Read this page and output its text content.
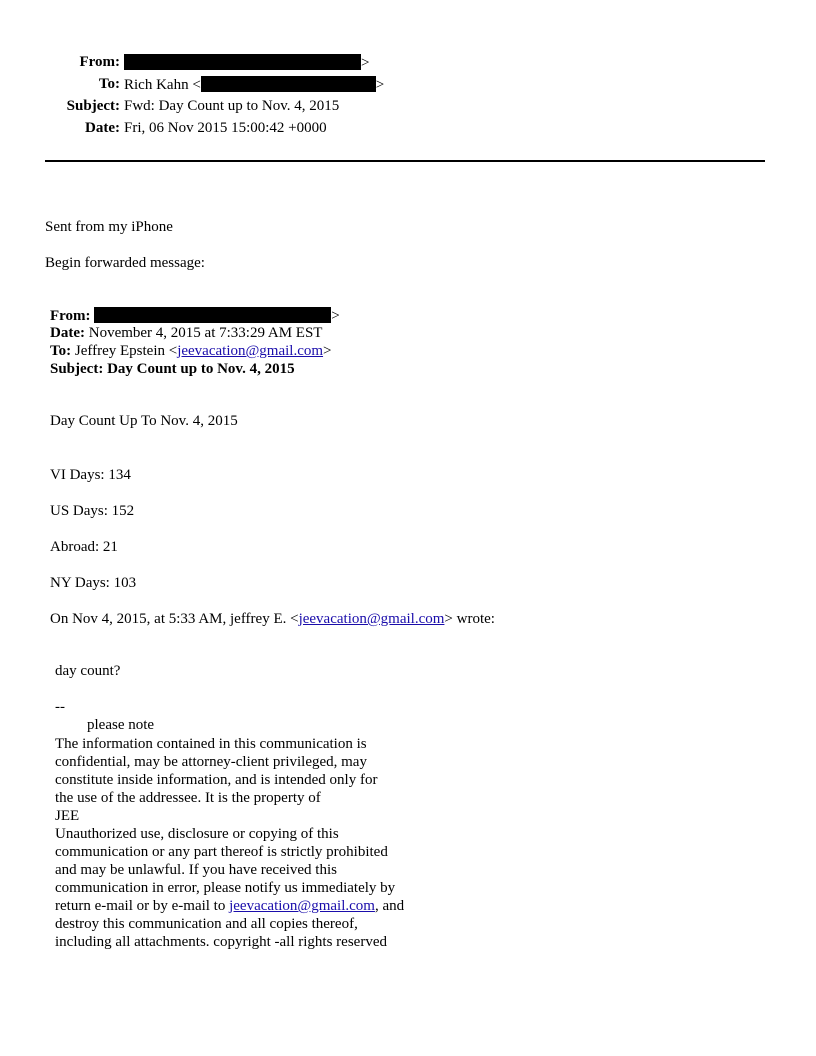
From:	>
To: Rich Kahn <	>
Subject: Fwd: Day Count up to Nov. 4, 2015
Date: Fri, 06 Nov 2015 15:00:42 +0000
Sent from my iPhone
Begin forwarded message:
From:	>
Date: November 4, 2015 at 7:33:29 AM EST
To: Jeffrey Epstein <jeevacation@gmail.com>
Subject: Day Count up to Nov. 4, 2015
Day Count Up To Nov. 4, 2015
VI Days: 134
US Days: 152
Abroad: 21
NY Days: 103
On Nov 4, 2015, at 5:33 AM, jeffrey E. <jeevacation@gmail.com> wrote:
day count?
--
please note
The information contained in this communication is
confidential, may be attorney-client privileged, may
constitute inside information, and is intended only for
the use of the addressee. It is the property of
JEE
Unauthorized use, disclosure or copying of this
communication or any part thereof is strictly prohibited
and may be unlawful. If you have received this
communication in error, please notify us immediately by
return e-mail or by e-mail to jeevacation@gmail.com, and
destroy this communication and all copies thereof,
including all attachments. copyright -all rights reserved
